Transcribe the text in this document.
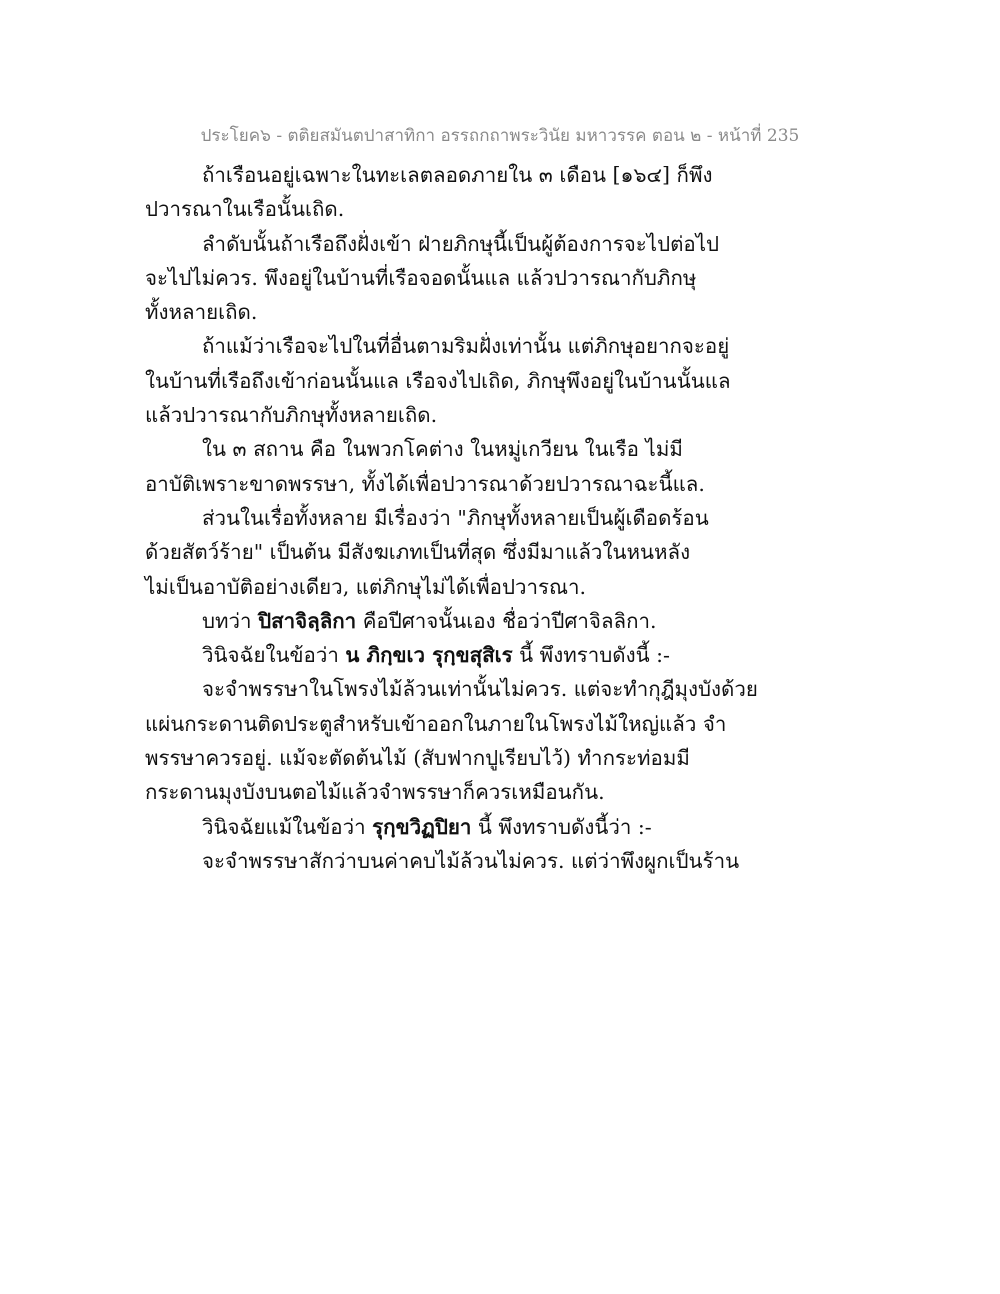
ประโยค๖ - ตติยสมันตปาสาทิกา อรรถกถาพระวินัย มหาวรรค ตอน ๒ - หน้าที่ 235
ถ้าเรือนอยู่เฉพาะในทะเลตลอดภายใน ๓ เดือน [๑๖๔] ก็พึง
ปวารณาในเรือนั้นเถิด.
ลำดับนั้นถ้าเรือถึงฝั่งเข้า ฝ่ายภิกษุนี้เป็นผู้ต้องการจะไปต่อไป
จะไปไม่ควร. พึงอยู่ในบ้านที่เรือจอดนั้นแล แล้วปวารณากับภิกษุ
ทั้งหลายเถิด.
ถ้าแม้ว่าเรือจะไปในที่อื่นตามริมฝั่งเท่านั้น แต่ภิกษุอยากจะอยู่
ในบ้านที่เรือถึงเข้าก่อนนั้นแล เรือจงไปเถิด, ภิกษุพึงอยู่ในบ้านนั้นแล
แล้วปวารณากับภิกษุทั้งหลายเถิด.
ใน ๓ สถาน คือ ในพวกโคต่าง ในหมู่เกวียน ในเรือ ไม่มี
อาบัติเพราะขาดพรรษา, ทั้งได้เพื่อปวารณาด้วยปวารณาฉะนี้แล.
ส่วนในเรื่อทั้งหลาย มีเรื่องว่า "ภิกษุทั้งหลายเป็นผู้เดือดร้อน
ด้วยสัตว์ร้าย" เป็นต้น มีสังฆเภทเป็นที่สุด ซึ่งมีมาแล้วในหนหลัง
ไม่เป็นอาบัติอย่างเดียว, แต่ภิกษุไม่ได้เพื่อปวารณา.
บทว่า ปิสาจิลฺลิกา คือปีศาจนั้นเอง ชื่อว่าปีศาจิลลิกา.
วินิจฉัยในข้อว่า น ภิกฺขเว รุกฺขสุสิเร นี้ พึงทราบดังนี้ :-
จะจำพรรษาในโพรงไม้ล้วนเท่านั้นไม่ควร. แต่จะทำกุฎีมุงบังด้วย
แผ่นกระดานติดประตูสำหรับเข้าออกในภายในโพรงไม้ใหญ่แล้ว จำ
พรรษาควรอยู่. แม้จะตัดต้นไม้ (สับฟากปูเรียบไว้) ทำกระท่อมมี
กระดานมุงบังบนตอไม้แล้วจำพรรษาก็ควรเหมือนกัน.
วินิจฉัยแม้ในข้อว่า รุกฺขวิฏปิยา นี้ พึงทราบดังนี้ว่า :-
จะจำพรรษาสักว่าบนค่าคบไม้ล้วนไม่ควร. แต่ว่าพึงผูกเป็นร้าน
